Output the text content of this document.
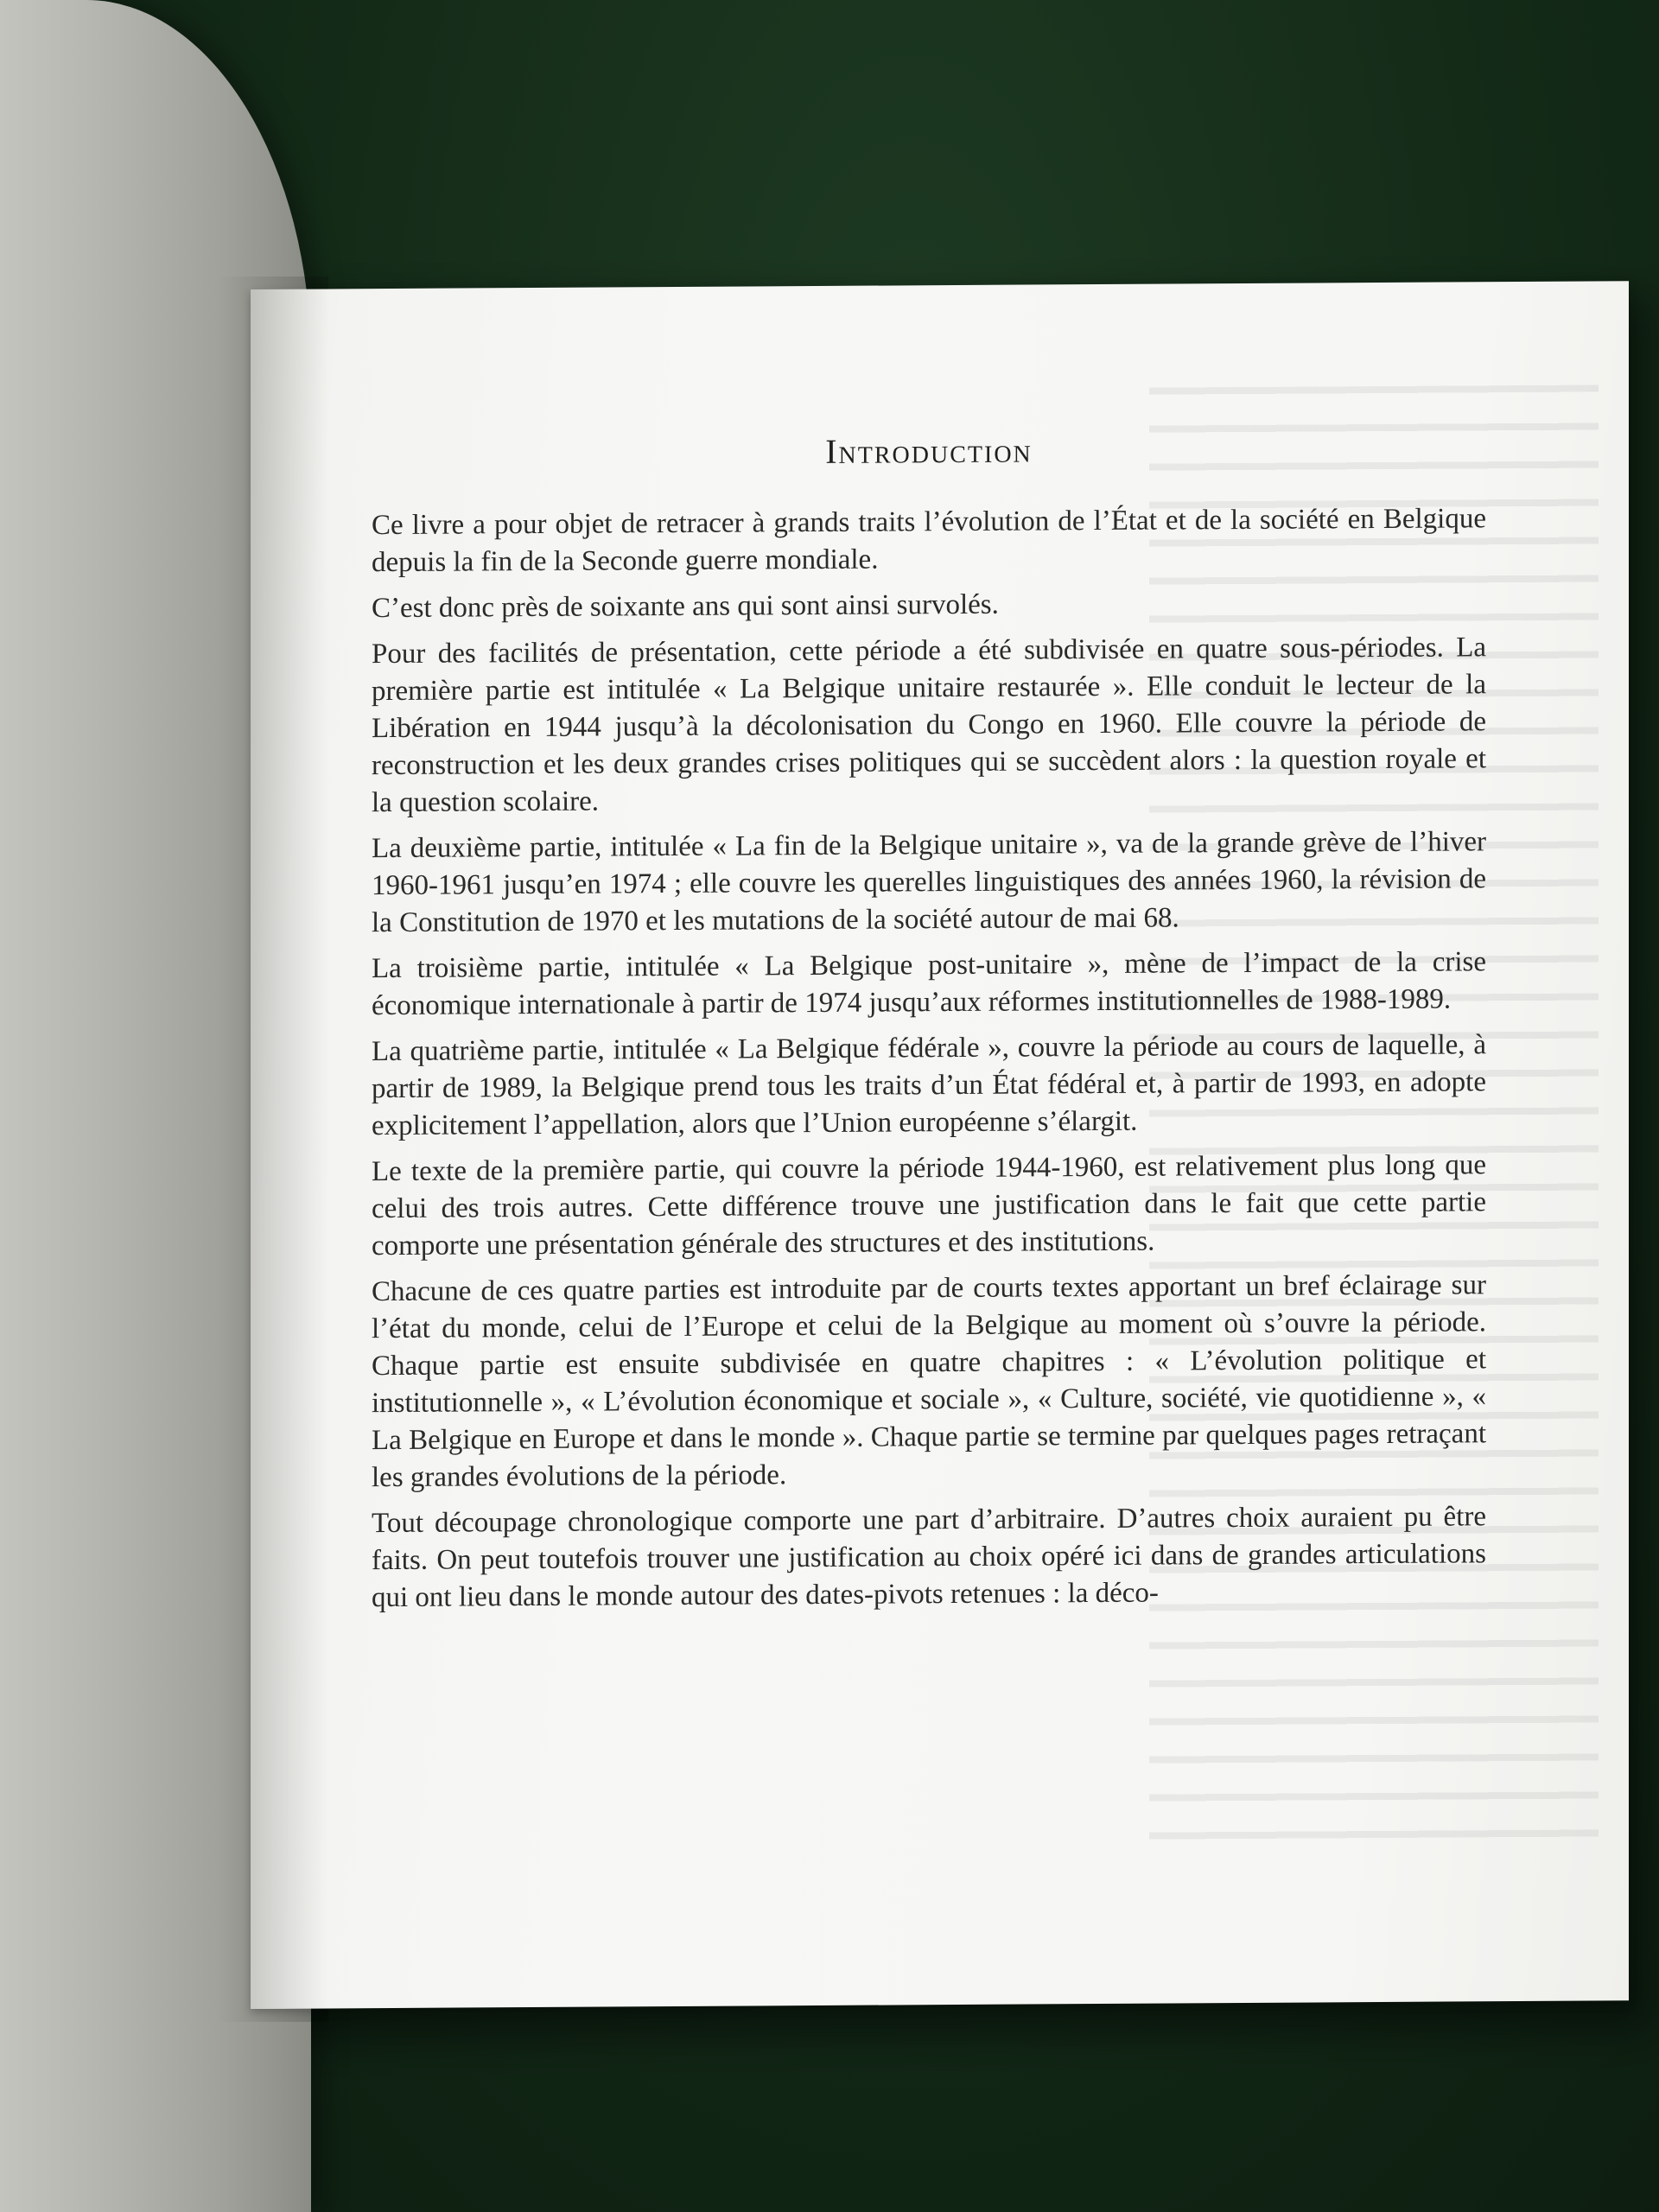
Introduction

Ce livre a pour objet de retracer à grands traits l’évolution de l’État et de la société en Belgique depuis la fin de la Seconde guerre mondiale.

C’est donc près de soixante ans qui sont ainsi survolés.

Pour des facilités de présentation, cette période a été subdivisée en quatre sous-périodes. La première partie est intitulée « La Belgique unitaire restaurée ». Elle conduit le lecteur de la Libération en 1944 jusqu’à la décolonisation du Congo en 1960. Elle couvre la période de reconstruction et les deux grandes crises politiques qui se succèdent alors : la question royale et la question scolaire.

La deuxième partie, intitulée « La fin de la Belgique unitaire », va de la grande grève de l’hiver 1960-1961 jusqu’en 1974 ; elle couvre les querelles linguistiques des années 1960, la révision de la Constitution de 1970 et les mutations de la société autour de mai 68.

La troisième partie, intitulée « La Belgique post-unitaire », mène de l’impact de la crise économique internationale à partir de 1974 jusqu’aux réformes institutionnelles de 1988-1989.

La quatrième partie, intitulée « La Belgique fédérale », couvre la période au cours de laquelle, à partir de 1989, la Belgique prend tous les traits d’un État fédéral et, à partir de 1993, en adopte explicitement l’appellation, alors que l’Union européenne s’élargit.

Le texte de la première partie, qui couvre la période 1944-1960, est relativement plus long que celui des trois autres. Cette différence trouve une justification dans le fait que cette partie comporte une présentation générale des structures et des institutions.

Chacune de ces quatre parties est introduite par de courts textes apportant un bref éclairage sur l’état du monde, celui de l’Europe et celui de la Belgique au moment où s’ouvre la période. Chaque partie est ensuite subdivisée en quatre chapitres : « L’évolution politique et institutionnelle », « L’évolution économique et sociale », « Culture, société, vie quotidienne », « La Belgique en Europe et dans le monde ». Chaque partie se termine par quelques pages retraçant les grandes évolutions de la période.

Tout découpage chronologique comporte une part d’arbitraire. D’autres choix auraient pu être faits. On peut toutefois trouver une justification au choix opéré ici dans de grandes articulations qui ont lieu dans le monde autour des dates-pivots retenues : la déco-
